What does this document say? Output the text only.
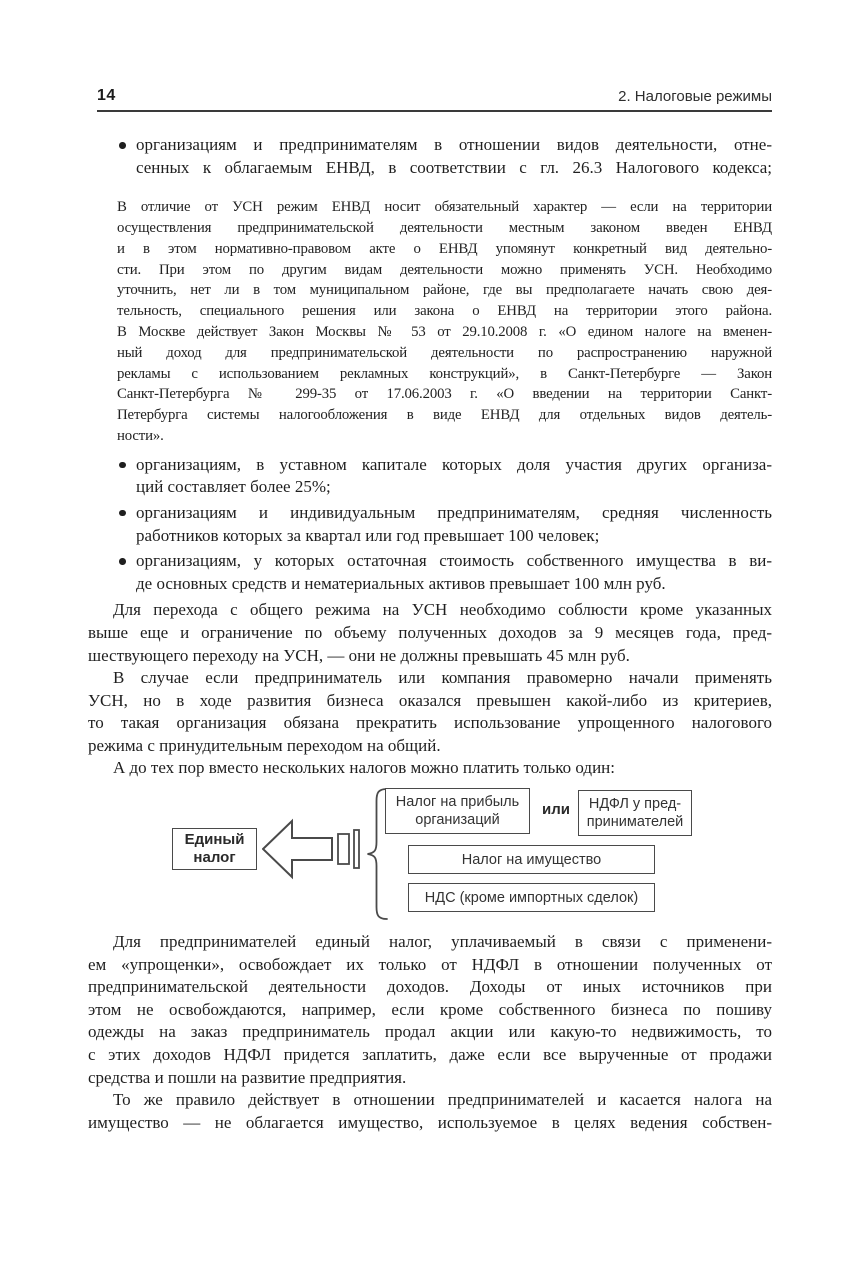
14	2. Налоговые режимы
организациям и предпринимателям в отношении видов деятельности, отне-
сенных к облагаемым ЕНВД, в соответствии с гл. 26.3 Налогового кодекса;
В отличие от УСН режим ЕНВД носит обязательный характер — если на территории
осуществления предпринимательской деятельности местным законом введен ЕНВД
и в этом нормативно-правовом акте о ЕНВД упомянут конкретный вид деятельно-
сти. При этом по другим видам деятельности можно применять УСН. Необходимо
уточнить, нет ли в том муниципальном районе, где вы предполагаете начать свою дея-
тельность, специального решения или закона о ЕНВД на территории этого района.
В Москве действует Закон Москвы № 53 от 29.10.2008 г. «О едином налоге на вменен-
ный доход для предпринимательской деятельности по распространению наружной
рекламы с использованием рекламных конструкций», в Санкт-Петербурге — Закон
Санкт-Петербурга № 299-35 от 17.06.2003 г. «О введении на территории Санкт-
Петербурга системы налогообложения в виде ЕНВД для отдельных видов деятель-
ности».
организациям, в уставном капитале которых доля участия других организа-
ций составляет более 25%;
организациям и индивидуальным предпринимателям, средняя численность
работников которых за квартал или год превышает 100 человек;
организациям, у которых остаточная стоимость собственного имущества в ви-
де основных средств и нематериальных активов превышает 100 млн руб.
Для перехода с общего режима на УСН необходимо соблюсти кроме указанных
выше еще и ограничение по объему полученных доходов за 9 месяцев года, пред-
шествующего переходу на УСН, — они не должны превышать 45 млн руб.
В случае если предприниматель или компания правомерно начали применять
УСН, но в ходе развития бизнеса оказался превышен какой-либо из критериев,
то такая организация обязана прекратить использование упрощенного налогового
режима с принудительным переходом на общий.
А до тех пор вместо нескольких налогов можно платить только один:
Единый
налог
Налог на прибыль
организаций
или	НДФЛ у пред-
принимателей
Налог на имущество
НДС (кроме импортных сделок)
Для предпринимателей единый налог, уплачиваемый в связи с применени-
ем «упрощенки», освобождает их только от НДФЛ в отношении полученных от
предпринимательской деятельности доходов. Доходы от иных источников при
этом не освобождаются, например, если кроме собственного бизнеса по пошиву
одежды на заказ предприниматель продал акции или какую-то недвижимость, то
с этих доходов НДФЛ придется заплатить, даже если все вырученные от продажи
средства и пошли на развитие предприятия.
То же правило действует в отношении предпринимателей и касается налога на
имущество — не облагается имущество, используемое в целях ведения собствен-
